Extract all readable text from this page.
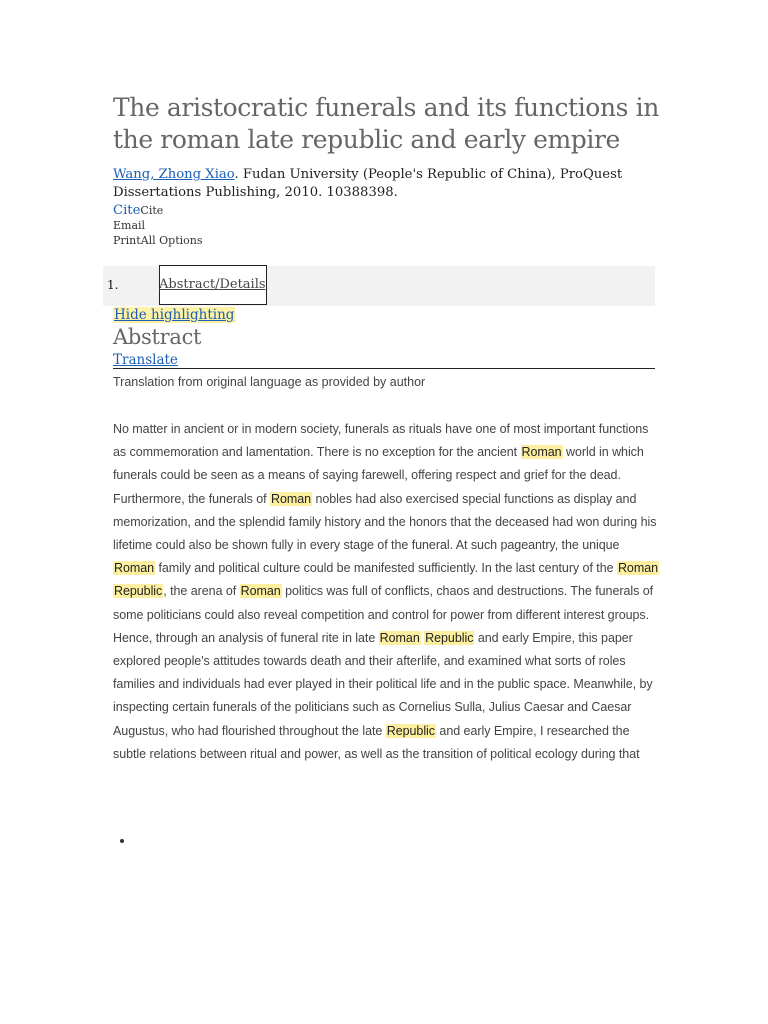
The aristocratic funerals and its functions in the roman late republic and early empire
Wang, Zhong Xiao. Fudan University (People's Republic of China), ProQuest Dissertations Publishing, 2010. 10388398.
CiteCite
Email
PrintAll Options
1.	Abstract/Details
Hide highlighting
Abstract
Translate
Translation from original language as provided by author
No matter in ancient or in modern society, funerals as rituals have one of most important functions as commemoration and lamentation. There is no exception for the ancient Roman world in which funerals could be seen as a means of saying farewell, offering respect and grief for the dead. Furthermore, the funerals of Roman nobles had also exercised special functions as display and memorization, and the splendid family history and the honors that the deceased had won during his lifetime could also be shown fully in every stage of the funeral. At such pageantry, the unique Roman family and political culture could be manifested sufficiently. In the last century of the Roman Republic, the arena of Roman politics was full of conflicts, chaos and destructions. The funerals of some politicians could also reveal competition and control for power from different interest groups. Hence, through an analysis of funeral rite in late Roman Republic and early Empire, this paper explored people's attitudes towards death and their afterlife, and examined what sorts of roles families and individuals had ever played in their political life and in the public space. Meanwhile, by inspecting certain funerals of the politicians such as Cornelius Sulla, Julius Caesar and Caesar Augustus, who had flourished throughout the late Republic and early Empire, I researched the subtle relations between ritual and power, as well as the transition of political ecology during that
